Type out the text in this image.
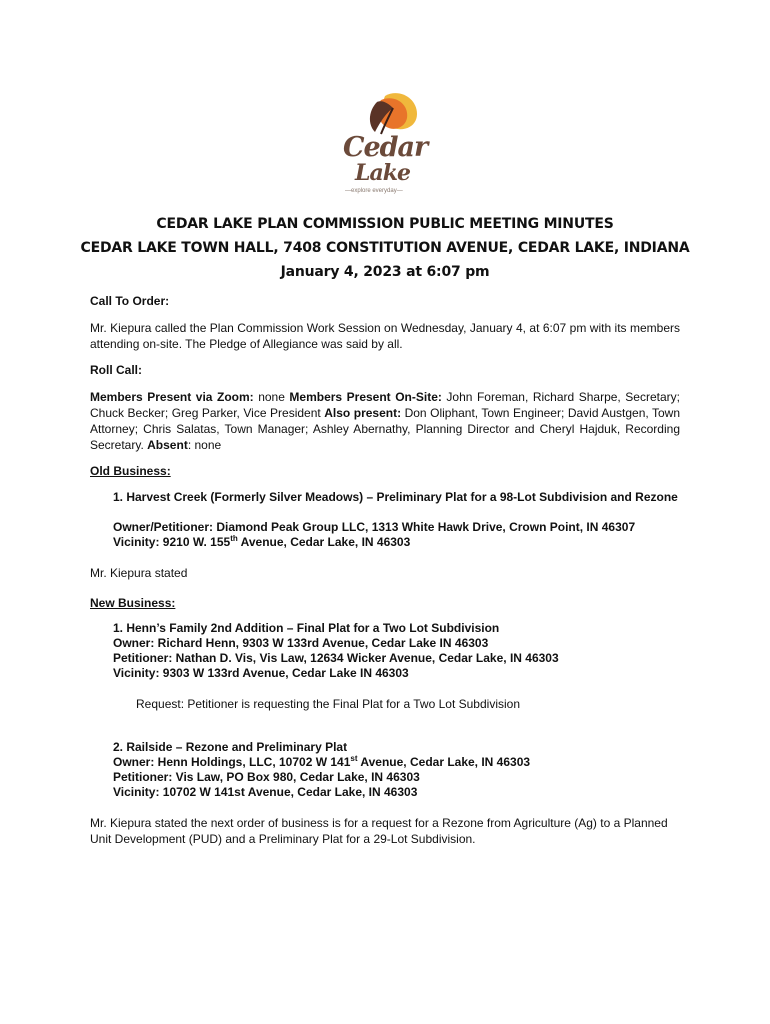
Cedar
Lake
—explore everyday—
CEDAR LAKE PLAN COMMISSION PUBLIC MEETING MINUTES
CEDAR LAKE TOWN HALL, 7408 CONSTITUTION AVENUE, CEDAR LAKE, INDIANA
January 4, 2023 at 6:07 pm
Call To Order:
Mr. Kiepura called the Plan Commission Work Session on Wednesday, January 4, at 6:07 pm with its members attending on-site. The Pledge of Allegiance was said by all.
Roll Call:
Members Present via Zoom: none Members Present On-Site: John Foreman, Richard Sharpe, Secretary; Chuck Becker; Greg Parker, Vice President Also present: Don Oliphant, Town Engineer; David Austgen, Town Attorney; Chris Salatas, Town Manager; Ashley Abernathy, Planning Director and Cheryl Hajduk, Recording Secretary. Absent: none
Old Business:
1. Harvest Creek (Formerly Silver Meadows) – Preliminary Plat for a 98-Lot Subdivision and Rezone
Owner/Petitioner: Diamond Peak Group LLC, 1313 White Hawk Drive, Crown Point, IN 46307
Vicinity: 9210 W. 155th Avenue, Cedar Lake, IN 46303
Mr. Kiepura stated
New Business:
1. Henn’s Family 2nd Addition – Final Plat for a Two Lot Subdivision
Owner: Richard Henn, 9303 W 133rd Avenue, Cedar Lake IN 46303
Petitioner: Nathan D. Vis, Vis Law, 12634 Wicker Avenue, Cedar Lake, IN 46303
Vicinity: 9303 W 133rd Avenue, Cedar Lake IN 46303
Request: Petitioner is requesting the Final Plat for a Two Lot Subdivision
2. Railside – Rezone and Preliminary Plat
Owner: Henn Holdings, LLC, 10702 W 141st Avenue, Cedar Lake, IN 46303
Petitioner: Vis Law, PO Box 980, Cedar Lake, IN 46303
Vicinity: 10702 W 141st Avenue, Cedar Lake, IN 46303
Mr. Kiepura stated the next order of business is for a request for a Rezone from Agriculture (Ag) to a Planned Unit Development (PUD) and a Preliminary Plat for a 29-Lot Subdivision.
